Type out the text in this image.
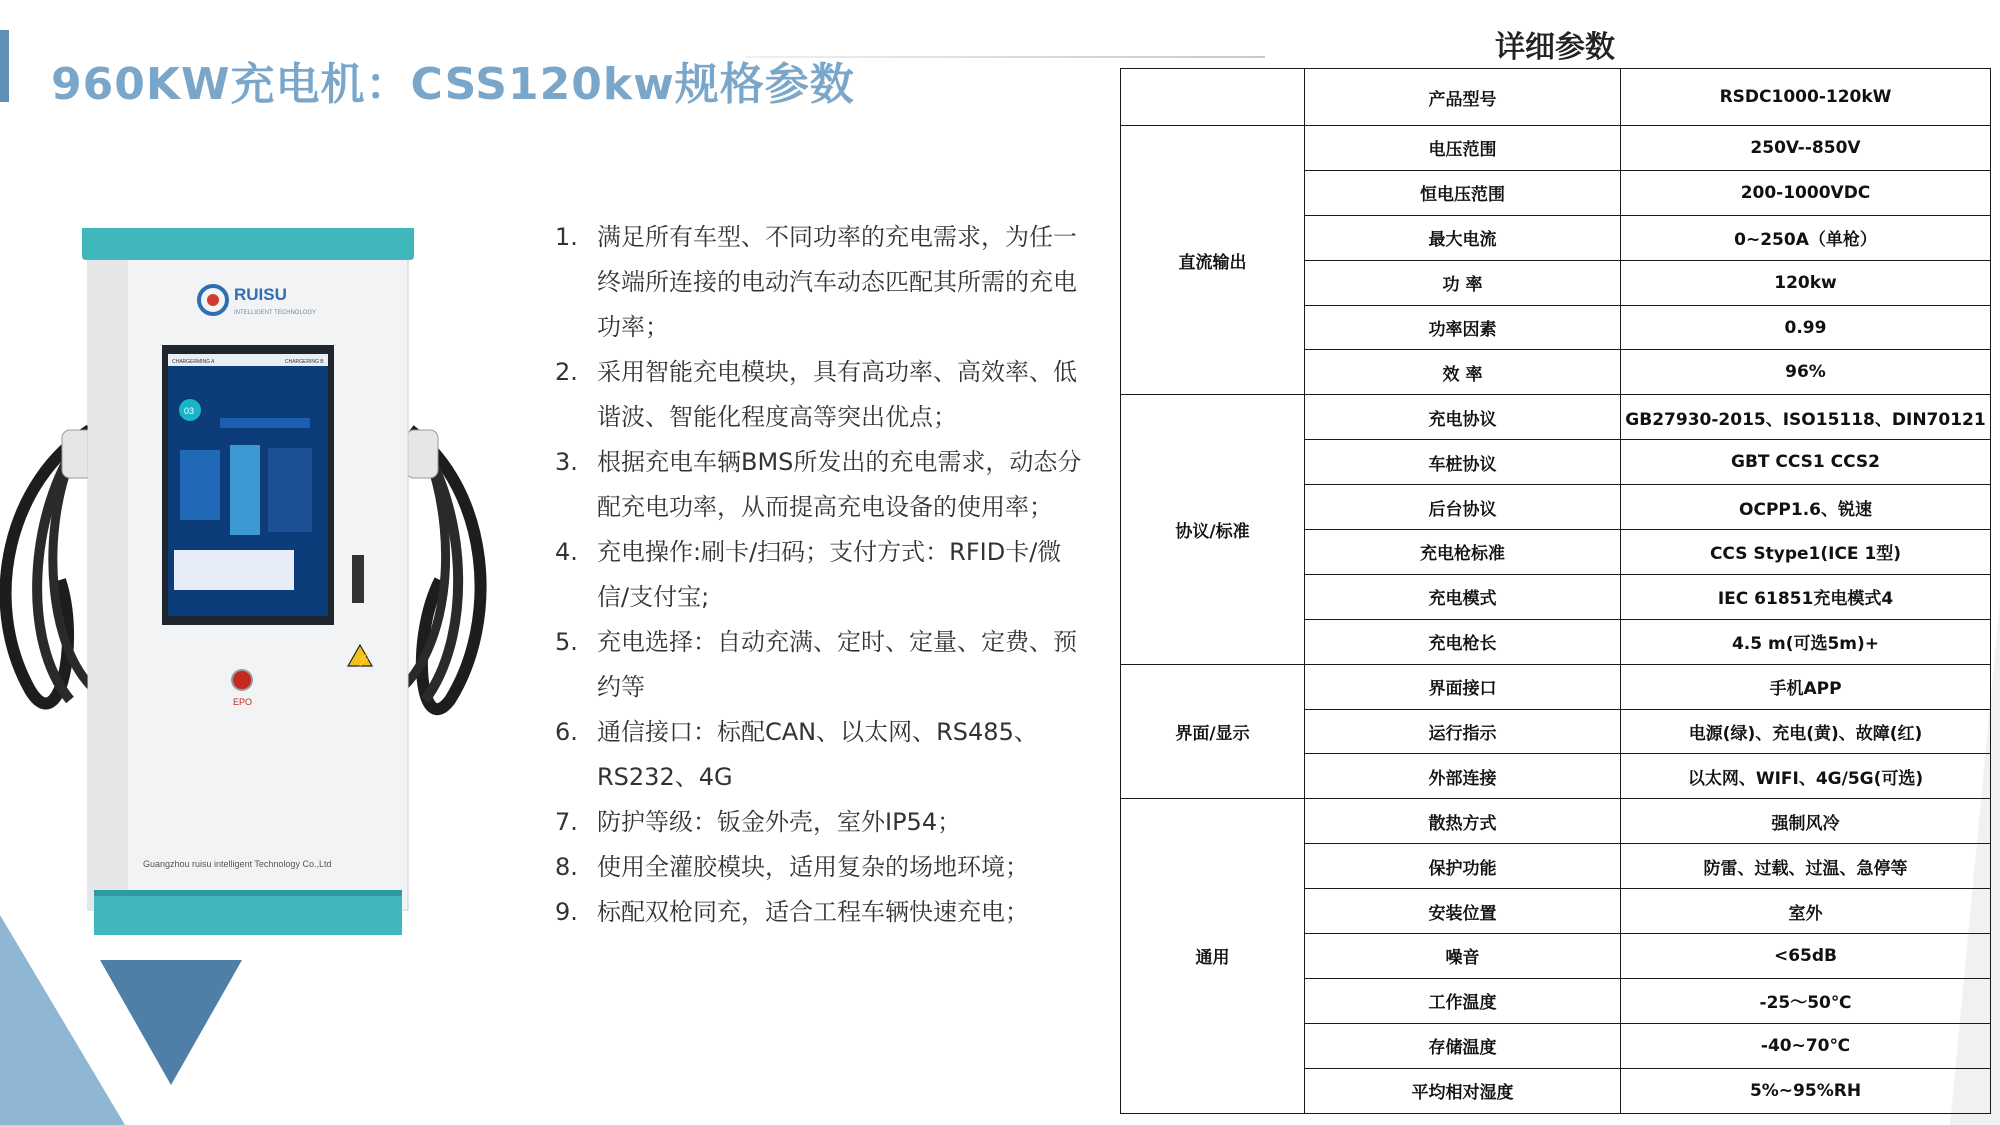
960KW充电机：CSS120kw规格参数
RUISU
INTELLIGENT TECHNOLOGY
CHARGERMING A	CHARGERING B
03
⚡
EPO
Guangzhou ruisu intelligent Technology Co.,Ltd
1. 满足所有车型、不同功率的充电需求，为任一终端所连接的电动汽车动态匹配其所需的充电功率；
2. 采用智能充电模块，具有高功率、高效率、低谐波、智能化程度高等突出优点；
3. 根据充电车辆BMS所发出的充电需求，动态分配充电功率，从而提高充电设备的使用率；
4. 充电操作:刷卡/扫码；支付方式：RFID卡/微信/支付宝;
5. 充电选择：自动充满、定时、定量、定费、预约等
6. 通信接口：标配CAN、以太网、RS485、RS232、4G
7. 防护等级：钣金外壳，室外IP54；
8. 使用全灌胶模块，适用复杂的场地环境；
9. 标配双枪同充，适合工程车辆快速充电；
详细参数
	产品型号	RSDC1000-120kW
直流输出	电压范围	250V--850V
	恒电压范围	200-1000VDC
	最大电流	0~250A（单枪）
	功 率	120kw
	功率因素	0.99
	效 率	96%
协议/标准	充电协议	GB27930-2015、ISO15118、DIN70121
	车桩协议	GBT CCS1 CCS2
	后台协议	OCPP1.6、锐速
	充电枪标准	CCS Stype1(ICE 1型)
	充电模式	IEC 61851充电模式4
	充电枪长	4.5 m(可选5m)+
界面/显示	界面接口	手机APP
	运行指示	电源(绿)、充电(黄)、故障(红)
	外部连接	以太网、WIFI、4G/5G(可选)
通用	散热方式	强制风冷
	保护功能	防雷、过载、过温、急停等
	安装位置	室外
	噪音	<65dB
	工作温度	-25～50℃
	存储温度	-40~70℃
	平均相对湿度	5%~95%RH
